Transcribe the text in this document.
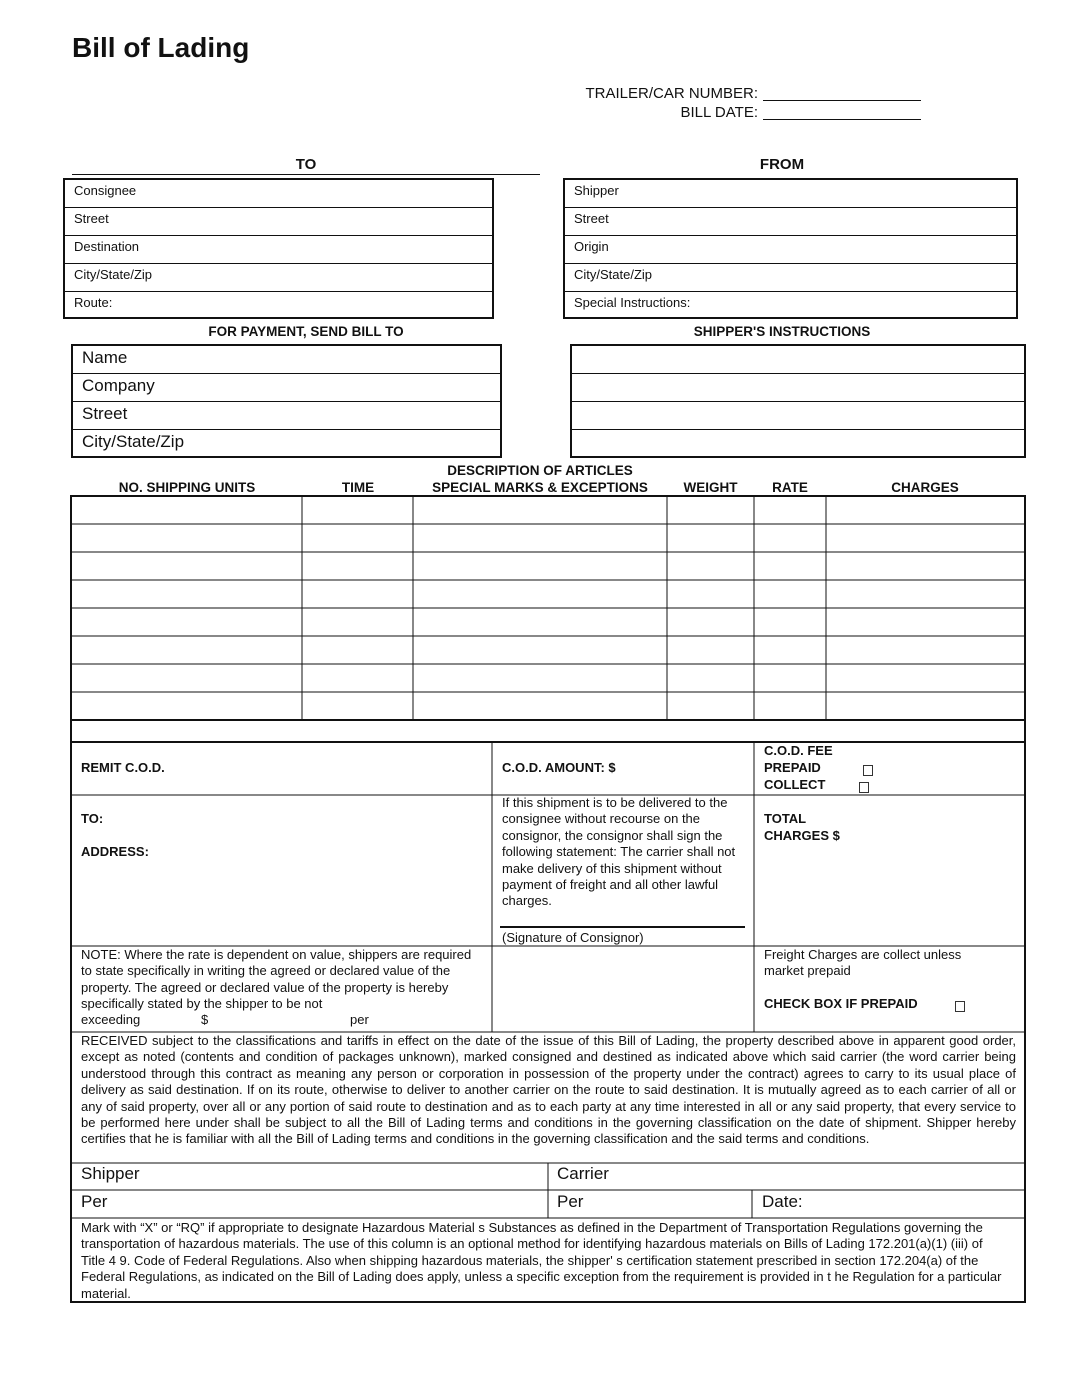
Bill of Lading
TRAILER/CAR NUMBER:
BILL DATE:
TO	FROM
Consignee
Street
Destination
City/State/Zip
Route:
Shipper
Street
Origin
City/State/Zip
Special Instructions:
FOR PAYMENT, SEND BILL TO	SHIPPER'S INSTRUCTIONS
Name
Company
Street
City/State/Zip
NO. SHIPPING UNITS	TIME
DESCRIPTION OF ARTICLES
SPECIAL MARKS & EXCEPTIONS	WEIGHT	RATE	CHARGES
REMIT C.O.D.	C.O.D. AMOUNT: $
C.O.D. FEE
PREPAID
COLLECT
TO:
ADDRESS:
If this shipment is to be delivered to the consignee without recourse on the consignor, the consignor shall sign the following statement: The carrier shall not make delivery of this shipment without payment of freight and all other lawful charges.
(Signature of Consignor)
TOTAL
CHARGES $
NOTE: Where the rate is dependent on value, shippers are required to state specifically in writing the agreed or declared value of the property. The agreed or declared value of the property is hereby specifically stated by the shipper to be not
exceeding	$	per
Freight Charges are collect unless market prepaid
CHECK BOX IF PREPAID
RECEIVED subject to the classifications and tariffs in effect on the date of the issue of this Bill of Lading, the property described above in apparent good order, except as noted (contents and condition of packages unknown), marked consigned and destined as indicated above which said carrier (the word carrier being understood through this contract as meaning any person or corporation in possession of the property under the contract) agrees to carry to its usual place of delivery as said destination. If on its route, otherwise to deliver to another carrier on the route to said destination. It is mutually agreed as to each carrier of all or any of said property, over all or any portion of said route to destination and as to each party at any time interested in all or any said property, that every service to be performed here under shall be subject to all the Bill of Lading terms and conditions in the governing classification on the date of shipment. Shipper hereby certifies that he is familiar with all the Bill of Lading terms and conditions in the governing classification and the said terms and conditions.
Shipper	Carrier
Per	Per	Date:
Mark with “X” or “RQ” if appropriate to designate Hazardous Material s Substances as defined in the Department of Transportation Regulations governing the transportation of hazardous materials. The use of this column is an optional method for identifying hazardous materials on Bills of Lading 172.201(a)(1) (iii) of Title 4 9. Code of Federal Regulations. Also when shipping hazardous materials, the shipper' s certification statement prescribed in section 172.204(a) of the Federal Regulations, as indicated on the Bill of Lading does apply, unless a specific exception from the requirement is provided in t he Regulation for a particular material.
